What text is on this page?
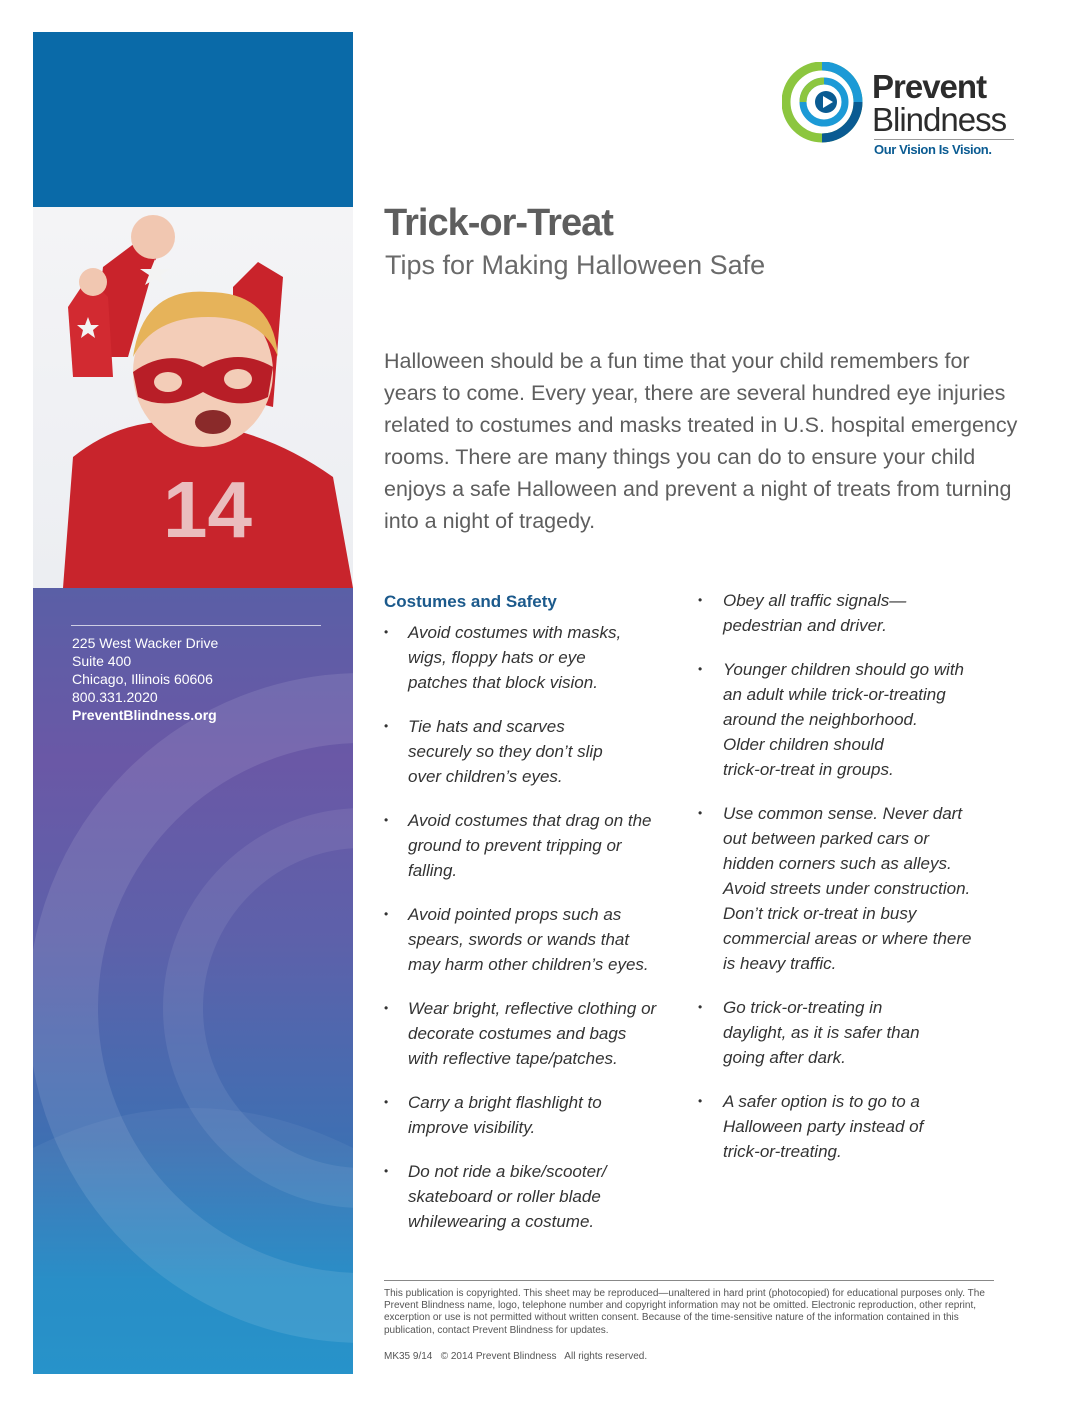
14
225 West Wacker Drive
Suite 400
Chicago, Illinois 60606
800.331.2020
PreventBlindness.org
Prevent
Blindness
Our Vision Is Vision.
Trick-or-Treat
Tips for Making Halloween Safe

Halloween should be a fun time that your child remembers for years to come. Every year, there are several hundred eye injuries related to costumes and masks treated in U.S. hospital emergency rooms. There are many things you can do to ensure your child enjoys a safe Halloween and prevent a night of treats from turning into a night of tragedy.

Costumes and Safety
• Avoid costumes with masks,
wigs, floppy hats or eye
patches that block vision.
• Tie hats and scarves
securely so they don’t slip
over children’s eyes.
• Avoid costumes that drag on the
ground to prevent tripping or
falling.
• Avoid pointed props such as
spears, swords or wands that
may harm other children’s eyes.
• Wear bright, reflective clothing or
decorate costumes and bags
with reflective tape/patches.
• Carry a bright flashlight to
improve visibility.
• Do not ride a bike/scooter/
skateboard or roller blade
whilewearing a costume.
• Obey all traffic signals—
pedestrian and driver.
• Younger children should go with
an adult while trick-or-treating
around the neighborhood.
Older children should
trick-or-treat in groups.
• Use common sense. Never dart
out between parked cars or
hidden corners such as alleys.
Avoid streets under construction.
Don’t trick or-treat in busy
commercial areas or where there
is heavy traffic.
• Go trick-or-treating in
daylight, as it is safer than
going after dark.
• A safer option is to go to a
Halloween party instead of
trick-or-treating.

This publication is copyrighted. This sheet may be reproduced—unaltered in hard print (photocopied) for educational purposes only. The Prevent Blindness name, logo, telephone number and copyright information may not be omitted. Electronic reproduction, other reprint, excerption or use is not permitted without written consent. Because of the time-sensitive nature of the information contained in this publication, contact Prevent Blindness for updates.

MK35 9/14 © 2014 Prevent Blindness All rights reserved.
